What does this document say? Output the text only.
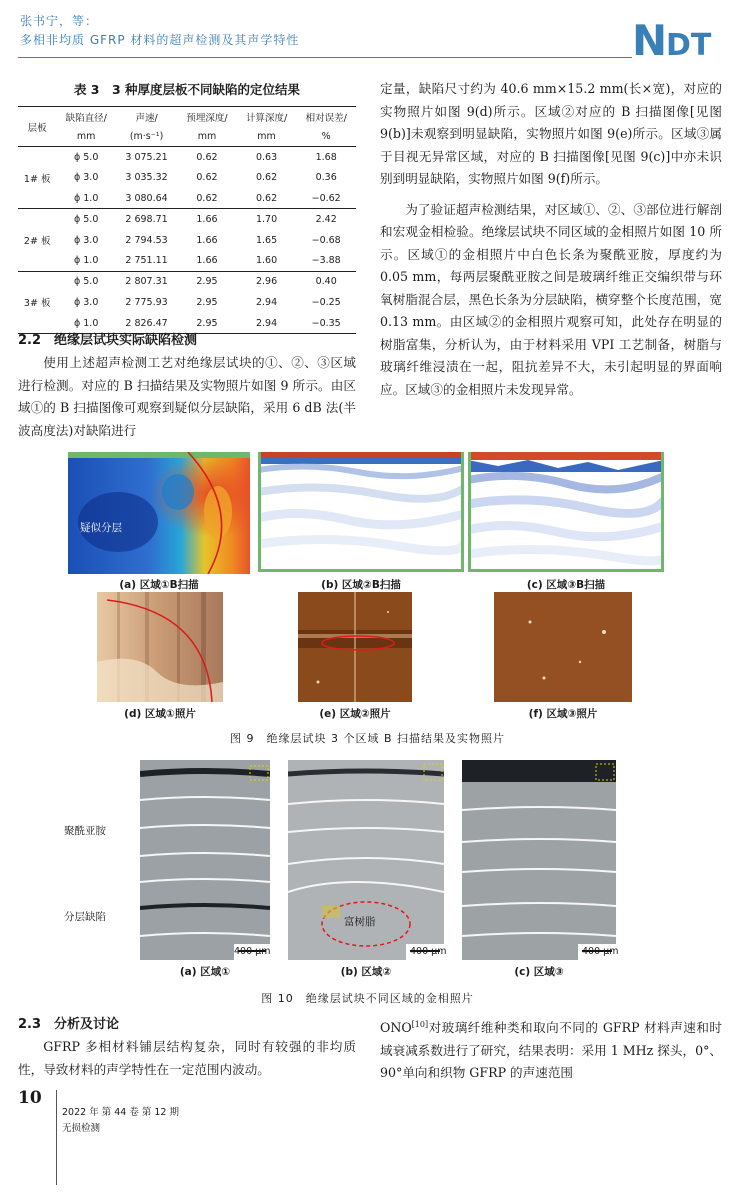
张书宁，等：
多相非均质 GFRP 材料的超声检测及其声学特性	N
DT
表 3　3 种厚度层板不同缺陷的定位结果
层板	缺陷直径/	声速/	预埋深度/	计算深度/	相对误差/
	mm	(m·s⁻¹)	mm	mm	%
1# 板	ϕ 5.0	3 075.21	0.62	0.63	1.68
	ϕ 3.0	3 035.32	0.62	0.62	0.36
	ϕ 1.0	3 080.64	0.62	0.62	−0.62
2# 板	ϕ 5.0	2 698.71	1.66	1.70	2.42
	ϕ 3.0	2 794.53	1.66	1.65	−0.68
	ϕ 1.0	2 751.11	1.66	1.60	−3.88
3# 板	ϕ 5.0	2 807.31	2.95	2.96	0.40
	ϕ 3.0	2 775.93	2.95	2.94	−0.25
	ϕ 1.0	2 826.47	2.95	2.94	−0.35
2.2　绝缘层试块实际缺陷检测
使用上述超声检测工艺对绝缘层试块的①、②、③区域进行检测。对应的 B 扫描结果及实物照片如图 9 所示。由区域①的 B 扫描图像可观察到疑似分层缺陷，采用 6 dB 法(半波高度法)对缺陷进行
定量，缺陷尺寸约为 40.6 mm×15.2 mm(长×宽)，对应的实物照片如图 9(d)所示。区域②对应的 B 扫描图像[见图 9(b)]未观察到明显缺陷，实物照片如图 9(e)所示。区域③属于目视无异常区域，对应的 B 扫描图像[见图 9(c)]中亦未识别到明显缺陷，实物照片如图 9(f)所示。
为了验证超声检测结果，对区域①、②、③部位进行解剖和宏观金相检验。绝缘层试块不同区域的金相照片如图 10 所示。区域①的金相照片中白色长条为聚酰亚胺，厚度约为 0.05 mm，每两层聚酰亚胺之间是玻璃纤维正交编织带与环氧树脂混合层，黑色长条为分层缺陷，横穿整个长度范围，宽 0.13 mm。由区域②的金相照片观察可知，此处存在明显的树脂富集，分析认为，由于材料采用 VPI 工艺制备，树脂与玻璃纤维浸渍在一起，阻抗差异不大，未引起明显的界面响应。区域③的金相照片未发现异常。
疑似分层
(a) 区域①B扫描	(b) 区域②B扫描	(c) 区域③B扫描
(d) 区域①照片	(e) 区域②照片	(f) 区域③照片
图 9　绝缘层试块 3 个区域 B 扫描结果及实物照片
聚酰亚胺
分层缺陷
400 μm
富树脂
400 μm	400 μm
(a) 区域①	(b) 区域②	(c) 区域③
图 10　绝缘层试块不同区域的金相照片
2.3　分析及讨论
GFRP 多相材料铺层结构复杂，同时有较强的非均质性，导致材料的声学特性在一定范围内波动。
ONO[10]对玻璃纤维种类和取向不同的 GFRP 材料声速和时域衰减系数进行了研究，结果表明：采用 1 MHz 探头，0°、90°单向和织物 GFRP 的声速范围
10
2022 年 第 44 卷 第 12 期
无损检测
